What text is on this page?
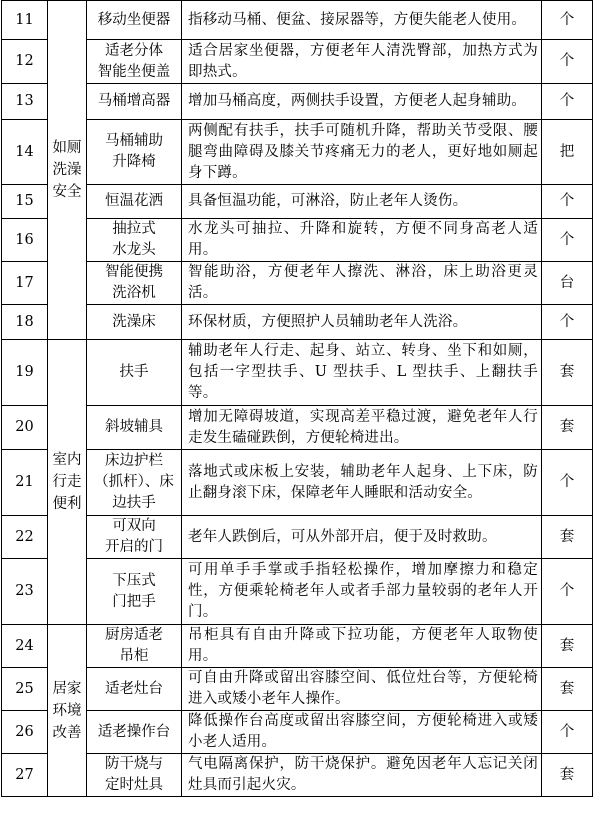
11	如厕
洗澡
安全	移动坐便器	指移动马桶、便盆、接尿器等，方便失能老人使用。	个
12		适老分体
智能坐便盖	适合居家坐便器，方便老年人清洗臀部，加热方式为即热式。	个
13		马桶增高器	增加马桶高度，两侧扶手设置，方便老人起身辅助。	个
14		马桶辅助
升降椅	两侧配有扶手，扶手可随机升降，帮助关节受限、腰腿弯曲障碍及膝关节疼痛无力的老人，更好地如厕起身下蹲。	把
15		恒温花洒	具备恒温功能，可淋浴，防止老年人烫伤。	个
16		抽拉式
水龙头	水龙头可抽拉、升降和旋转，方便不同身高老人适用。	个
17		智能便携
洗浴机	智能助浴，方便老年人擦洗、淋浴，床上助浴更灵活。	台
18		洗澡床	环保材质，方便照护人员辅助老年人洗浴。	个
19	室内
行走
便利	扶手	辅助老年人行走、起身、站立、转身、坐下和如厕，包括一字型扶手、U 型扶手、L 型扶手、上翻扶手等。	套
20		斜坡辅具	增加无障碍坡道，实现高差平稳过渡，避免老年人行走发生磕碰跌倒，方便轮椅进出。	套
21		床边护栏
（抓杆）、床
边扶手	落地式或床板上安装，辅助老年人起身、上下床，防止翻身滚下床，保障老年人睡眠和活动安全。	个
22		可双向
开启的门	老年人跌倒后，可从外部开启，便于及时救助。	套
23		下压式
门把手	可用单手手掌或手指轻松操作，增加摩擦力和稳定性，方便乘轮椅老年人或者手部力量较弱的老年人开门。	个
24	居家
环境
改善	厨房适老
吊柜	吊柜具有自由升降或下拉功能，方便老年人取物使用。	套
25		适老灶台	可自由升降或留出容膝空间、低位灶台等，方便轮椅进入或矮小老年人操作。	套
26		适老操作台	降低操作台高度或留出容膝空间，方便轮椅进入或矮小老人适用。	个
27		防干烧与
定时灶具	气电隔离保护，防干烧保护。避免因老年人忘记关闭灶具而引起火灾。	套
